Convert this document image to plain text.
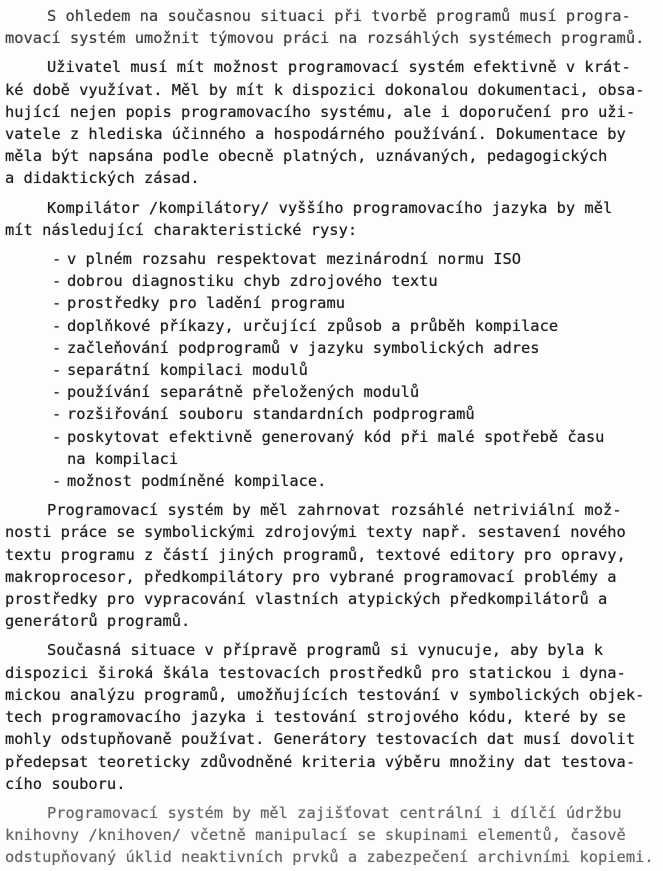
S ohledem na současnou situaci při tvorbě programů musí progra-
movací systém umožnit týmovou práci na rozsáhlých systémech programů.
Uživatel musí mít možnost programovací systém efektivně v krát-
ké době využívat. Měl by mít k dispozici dokonalou dokumentaci, obsa-
hující nejen popis programovacího systému, ale i doporučení pro uži-
vatele z hlediska účinného a hospodárného používání. Dokumentace by
měla být napsána podle obecně platných, uznávaných, pedagogických
a didaktických zásad.
Kompilátor /kompilátory/ vyššího programovacího jazyka by měl
mít následující charakteristické rysy:
- v plném rozsahu respektovat mezinárodní normu ISO
- dobrou diagnostiku chyb zdrojového textu
- prostředky pro ladění programu
- doplňkové příkazy, určující způsob a průběh kompilace
- začleňování podprogramů v jazyku symbolických adres
- separátní kompilaci modulů
- používání separátně přeložených modulů
- rozšiřování souboru standardních podprogramů
- poskytovat efektivně generovaný kód při malé spotřebě času
na kompilaci
- možnost podmíněné kompilace.
Programovací systém by měl zahrnovat rozsáhlé netriviální mož-
nosti práce se symbolickými zdrojovými texty např. sestavení nového
textu programu z částí jiných programů, textové editory pro opravy,
makroprocesor, předkompilátory pro vybrané programovací problémy a
prostředky pro vypracování vlastních atypických předkompilátorů a
generátorů programů.
Současná situace v přípravě programů si vynucuje, aby byla k
dispozici široká škála testovacích prostředků pro statickou i dyna-
mickou analýzu programů, umožňujících testování v symbolických objek-
tech programovacího jazyka i testování strojového kódu, které by se
mohly odstupňovaně používat. Generátory testovacích dat musí dovolit
předepsat teoreticky zdůvodněné kriteria výběru množiny dat testova-
cího souboru.
Programovací systém by měl zajišťovat centrální i dílčí údržbu
knihovny /knihoven/ včetně manipulací se skupinami elementů, časově
odstupňovaný úklid neaktivních prvků a zabezpečení archivními kopiemi.
